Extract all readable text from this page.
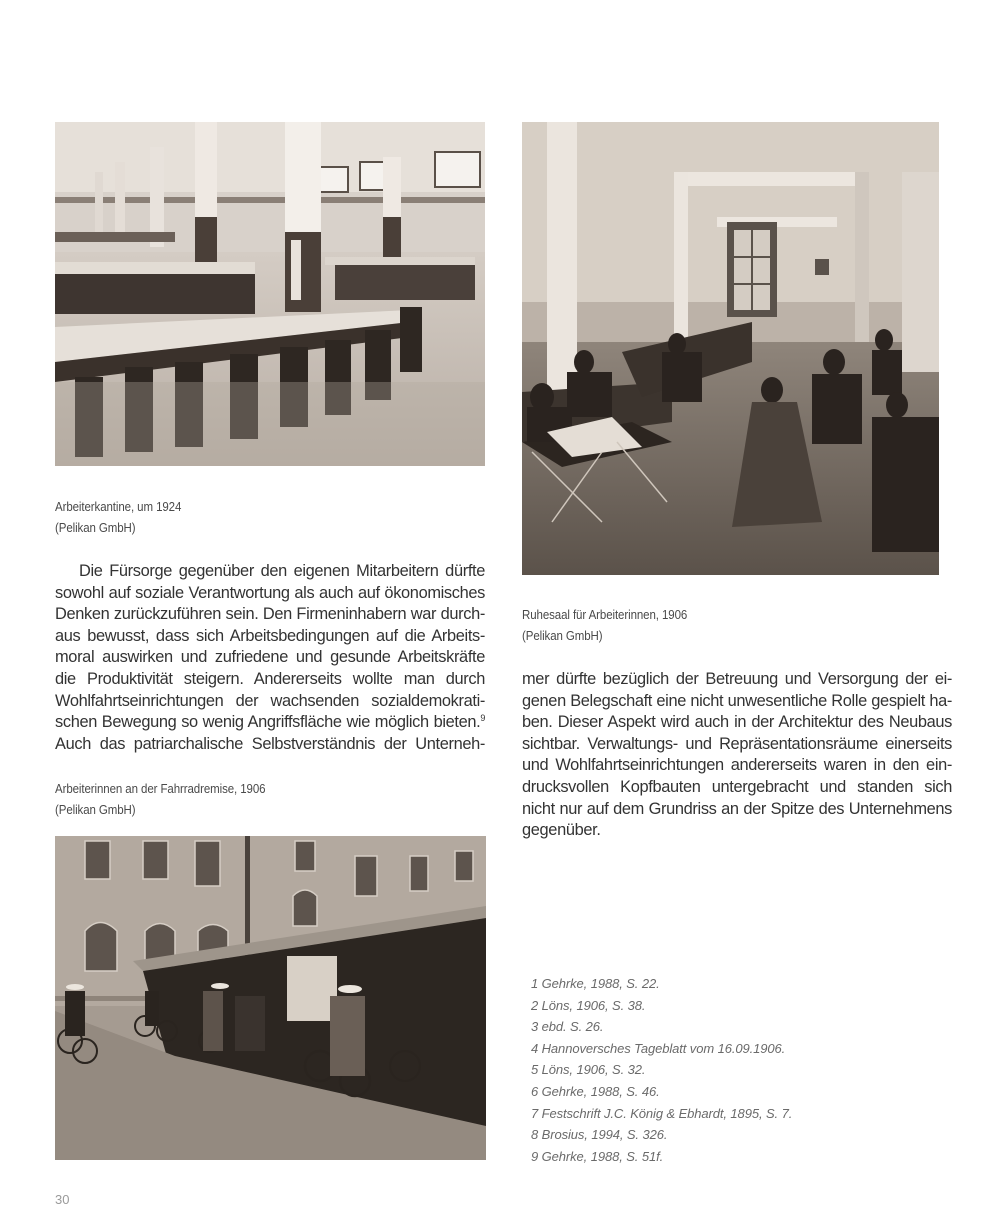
Arbeiterkantine, um 1924
(Pelikan GmbH)
Ruhesaal für Arbeiterinnen, 1906
(Pelikan GmbH)
Die Fürsorge gegenüber den eigenen Mitarbeitern dürfte
sowohl auf soziale Verantwortung als auch auf ökonomisches
Denken zurückzuführen sein. Den Firmeninhabern war durch-
aus bewusst, dass sich Arbeitsbedingungen auf die Arbeits-
moral auswirken und zufriedene und gesunde Arbeitskräfte
die Produktivität steigern. Andererseits wollte man durch
Wohlfahrtseinrichtungen der wachsenden sozialdemokrati-
schen Bewegung so wenig Angriffsfläche wie möglich bieten.$^9$
Auch das patriarchalische Selbstverständnis der Unterneh-
Arbeiterinnen an der Fahrradremise, 1906
(Pelikan GmbH)
mer dürfte bezüglich der Betreuung und Versorgung der ei-
genen Belegschaft eine nicht unwesentliche Rolle gespielt ha-
ben. Dieser Aspekt wird auch in der Architektur des Neubaus
sichtbar. Verwaltungs- und Repräsentationsräume einerseits
und Wohlfahrtseinrichtungen andererseits waren in den ein-
drucksvollen Kopfbauten untergebracht und standen sich
nicht nur auf dem Grundriss an der Spitze des Unternehmens
gegenüber.
1 Gehrke, 1988, S. 22.
2 Löns, 1906, S. 38.
3 ebd. S. 26.
4 Hannoversches Tageblatt vom 16.09.1906.
5 Löns, 1906, S. 32.
6 Gehrke, 1988, S. 46.
7 Festschrift J.C. König & Ebhardt, 1895, S. 7.
8 Brosius, 1994, S. 326.
9 Gehrke, 1988, S. 51f.
30
